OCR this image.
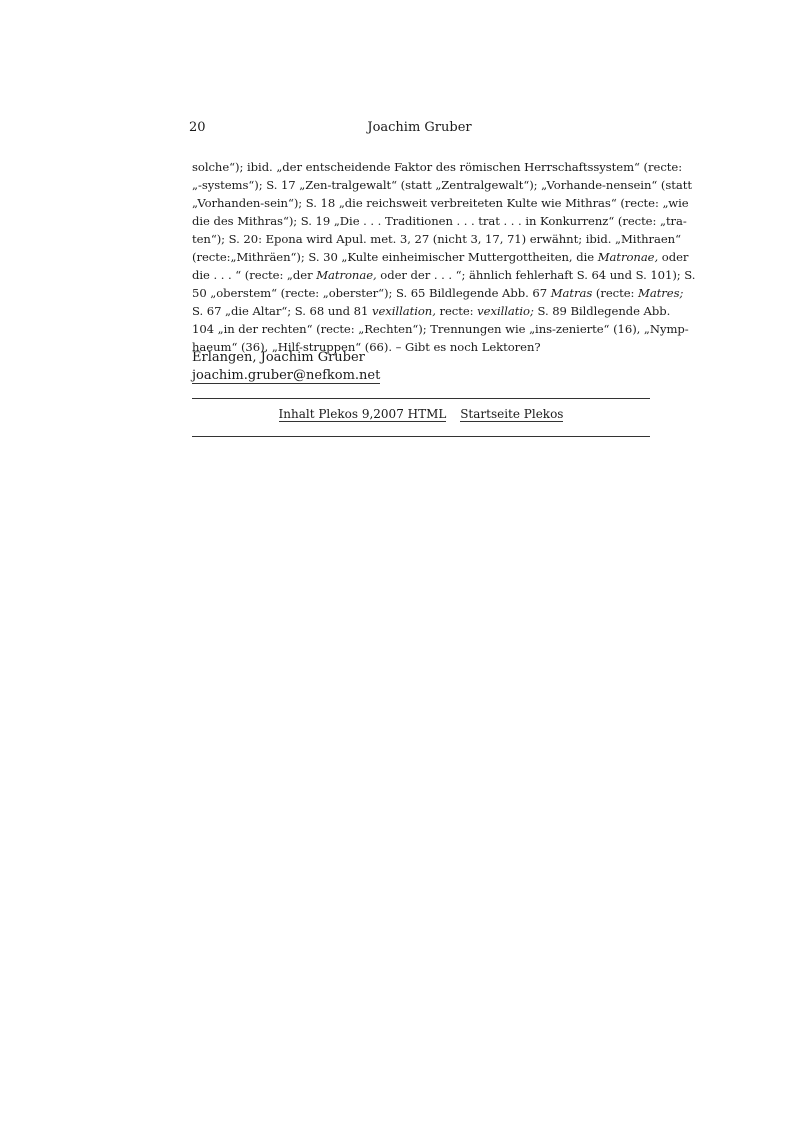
20	Joachim Gruber
solche“); ibid. „der entscheidende Faktor des römischen Herrschaftssystem“ (recte:
„-systems“); S. 17 „Zen-tralgewalt“ (statt „Zentralgewalt“); „Vorhande-nensein“ (statt
„Vorhanden-sein“); S. 18 „die reichsweit verbreiteten Kulte wie Mithras“ (recte: „wie
die des Mithras“); S. 19 „Die . . . Traditionen . . . trat . . . in Konkurrenz“ (recte: „tra-
ten“); S. 20: Epona wird Apul. met. 3, 27 (nicht 3, 17, 71) erwähnt; ibid. „Mithraen“
(recte:„Mithräen“); S. 30 „Kulte einheimischer Muttergottheiten, die Matronae, oder
die . . . “ (recte: „der Matronae, oder der . . . “; ähnlich fehlerhaft S. 64 und S. 101); S.
50 „oberstem“ (recte: „oberster“); S. 65 Bildlegende Abb. 67 Matras (recte: Matres;
S. 67 „die Altar“; S. 68 und 81 vexillation, recte: vexillatio; S. 89 Bildlegende Abb.
104 „in der rechten“ (recte: „Rechten“); Trennungen wie „ins-zenierte“ (16), „Nymp-
haeum“ (36), „Hilf-struppen“ (66). – Gibt es noch Lektoren?
Erlangen, Joachim Gruber
joachim.gruber@nefkom.net
Inhalt Plekos 9,2007 HTML Startseite Plekos
